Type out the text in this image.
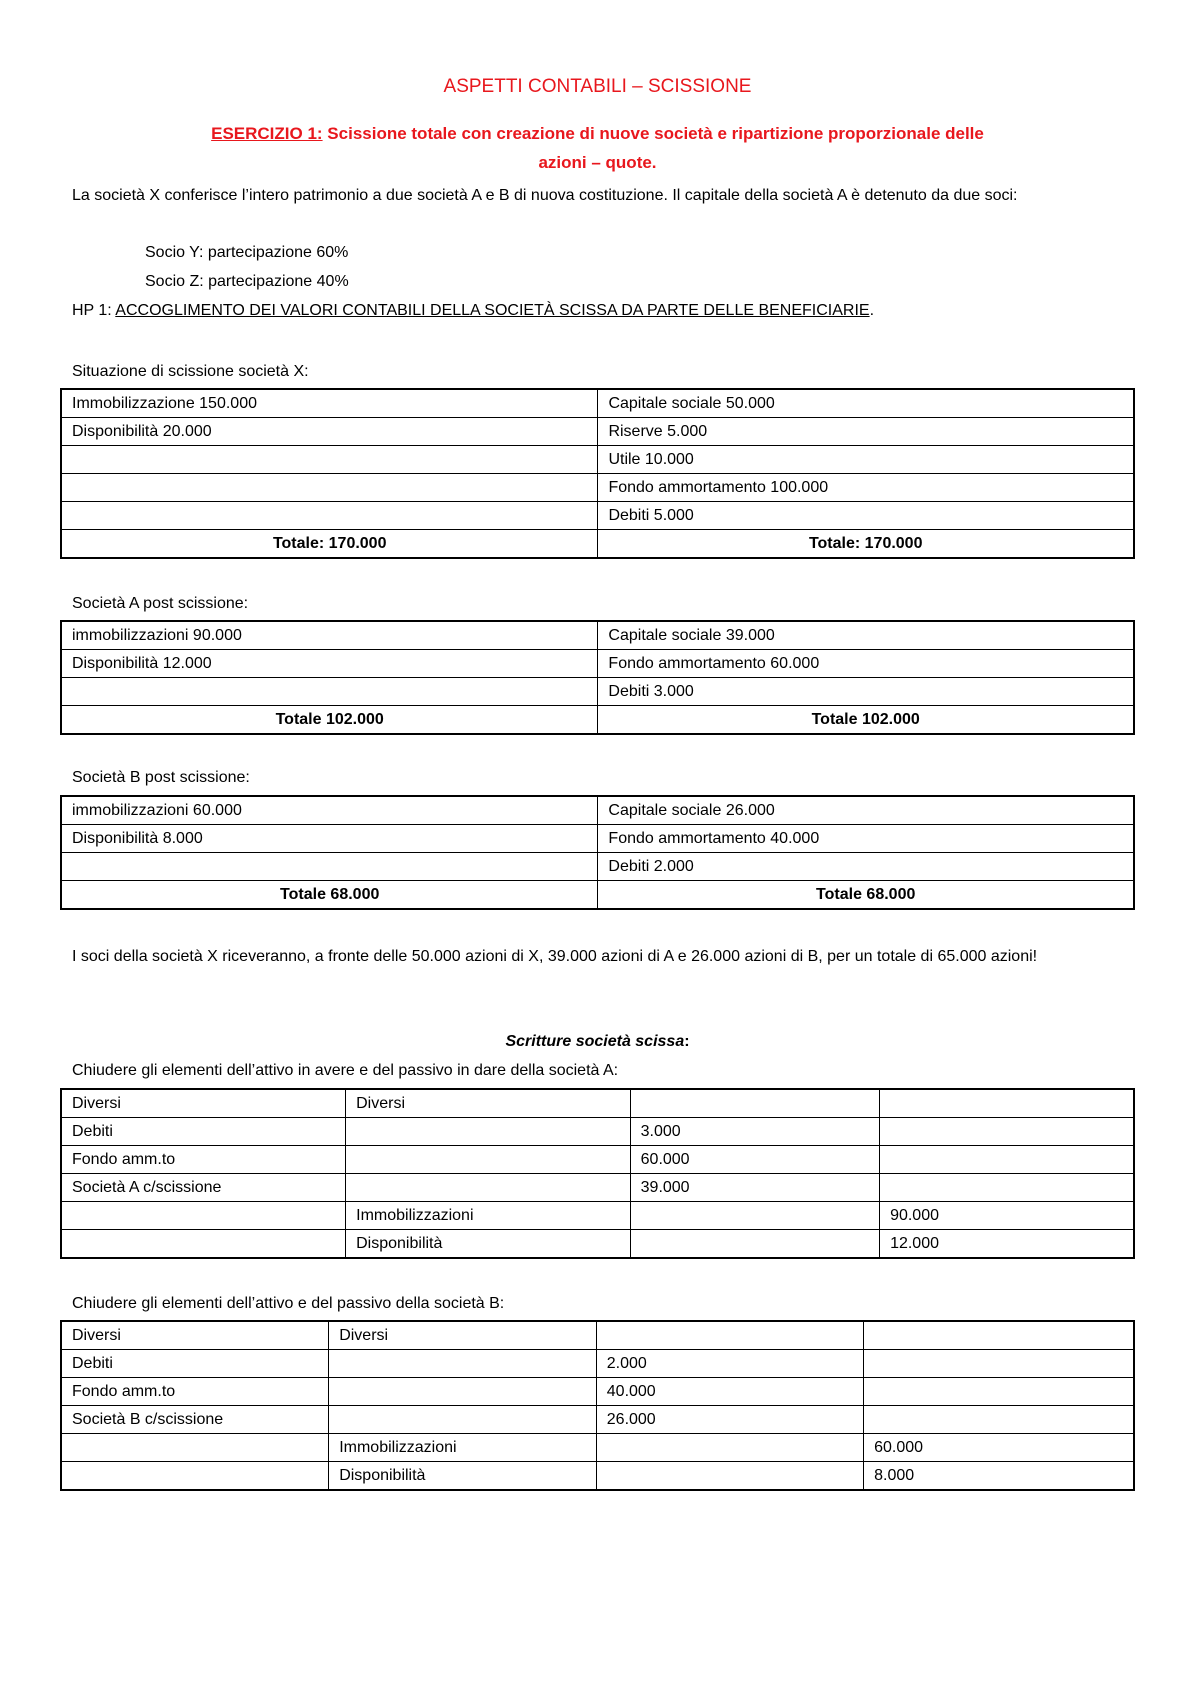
ASPETTI CONTABILI – SCISSIONE
ESERCIZIO 1: Scissione totale con creazione di nuove società e ripartizione proporzionale delle
azioni – quote.
La società X conferisce l’intero patrimonio a due società A e B di nuova costituzione. Il capitale della società A è detenuto da due soci:
Socio Y: partecipazione 60%
Socio Z: partecipazione 40%
HP 1: ACCOGLIMENTO DEI VALORI CONTABILI DELLA SOCIETÀ SCISSA DA PARTE DELLE BENEFICIARIE.
Situazione di scissione società X:
Immobilizzazione 150.000	Capitale sociale 50.000
Disponibilità 20.000	Riserve 5.000
	Utile 10.000
	Fondo ammortamento 100.000
	Debiti 5.000
Totale: 170.000	Totale: 170.000
Società A post scissione:
immobilizzazioni 90.000	Capitale sociale 39.000
Disponibilità 12.000	Fondo ammortamento 60.000
	Debiti 3.000
Totale 102.000	Totale 102.000
Società B post scissione:
immobilizzazioni 60.000	Capitale sociale 26.000
Disponibilità 8.000	Fondo ammortamento 40.000
	Debiti 2.000
Totale 68.000	Totale 68.000
I soci della società X riceveranno, a fronte delle 50.000 azioni di X, 39.000 azioni di A e 26.000 azioni di B, per un totale di 65.000 azioni!
Scritture società scissa:
Chiudere gli elementi dell’attivo in avere e del passivo in dare della società A:
Diversi	Diversi		
Debiti		3.000	
Fondo amm.to		60.000	
Società A c/scissione		39.000	
	Immobilizzazioni		90.000
	Disponibilità		12.000
Chiudere gli elementi dell’attivo e del passivo della società B:
Diversi	Diversi		
Debiti		2.000	
Fondo amm.to		40.000	
Società B c/scissione		26.000	
	Immobilizzazioni		60.000
	Disponibilità		8.000
